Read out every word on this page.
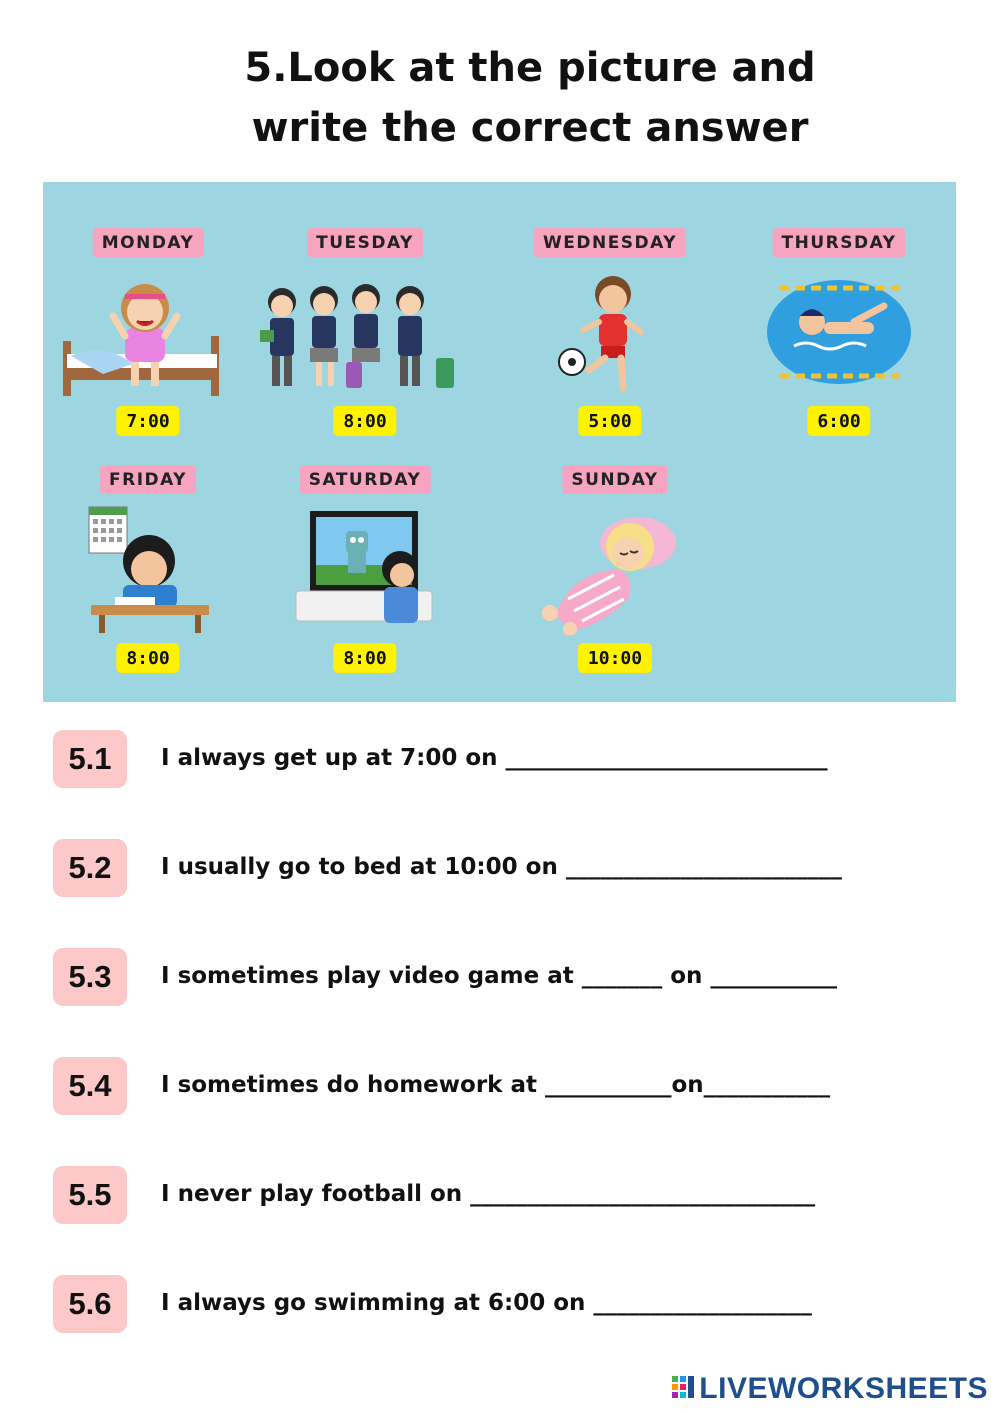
5.Look at the picture and
write the correct answer
MONDAY
7:00
TUESDAY
8:00
WEDNESDAY
5:00
THURSDAY
6:00
FRIDAY
8:00
SATURDAY
8:00
SUNDAY
10:00
5.1	I always get up at 7:00 on ____________________________
5.2	I usually go to bed at 10:00 on ________________________
5.3	I sometimes play video game at _______ on ___________
5.4	I sometimes do homework at ___________on___________
5.5	I never play football on ______________________________
5.6	I always go swimming at 6:00 on ___________________
LIVEWORKSHEETS
